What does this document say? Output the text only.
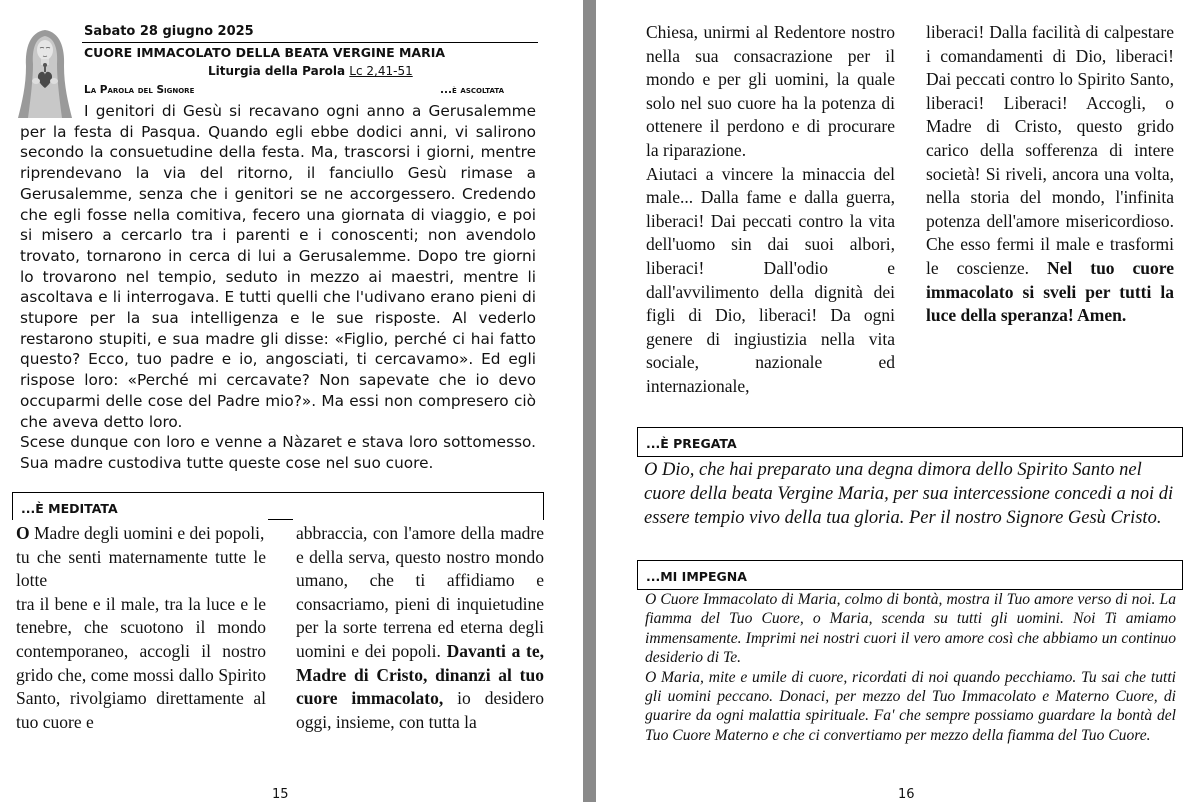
Sabato 28 giugno 2025
CUORE IMMACOLATO DELLA BEATA VERGINE MARIA
Liturgia della Parola Lc 2,41-51
La Parola del Signore	...è ascoltata

I genitori di Gesù si recavano ogni anno a Gerusalemme per la festa di Pasqua. Quando egli ebbe dodici anni, vi salirono secondo la consuetudine della festa. Ma, trascorsi i giorni, mentre riprendevano la via del ritorno, il fanciullo Gesù rimase a Gerusalemme, senza che i genitori se ne accorgessero. Credendo che egli fosse nella comitiva, fecero una giornata di viaggio, e poi si misero a cercarlo tra i parenti e i conoscenti; non avendolo trovato, tornarono in cerca di lui a Gerusalemme. Dopo tre giorni lo trovarono nel tempio, seduto in mezzo ai maestri, mentre li ascoltava e li interrogava. E tutti quelli che l'udivano erano pieni di stupore per la sua intelligenza e le sue risposte. Al vederlo restarono stupiti, e sua madre gli disse: «Figlio, perché ci hai fatto questo? Ecco, tuo padre e io, angosciati, ti cercavamo». Ed egli rispose loro: «Perché mi cercavate? Non sapevate che io devo occuparmi delle cose del Padre mio?». Ma essi non compresero ciò che aveva detto loro.

Scese dunque con loro e venne a Nàzaret e stava loro sottomesso. Sua madre custodiva tutte queste cose nel suo cuore.

...È MEDITATA

O Madre degli uomini e dei popoli,

tu che senti maternamente tutte le lotte

tra il bene e il male, tra la luce e le tenebre, che scuotono il mondo contemporaneo, accogli il nostro grido che, come mossi dallo Spirito Santo, rivolgiamo direttamente al tuo cuore e

abbraccia, con l'amore della madre e della serva, questo nostro mondo umano, che ti affidiamo e consacriamo, pieni di inquietudine per la sorte terrena ed eterna degli uomini e dei popoli. Davanti a te, Madre di Cristo, dinanzi al tuo cuore immacolato, io desidero oggi, insieme, con tutta la

15

Chiesa, unirmi al Redentore nostro nella sua consacrazione per il mondo e per gli uomini, la quale solo nel suo cuore ha la potenza di ottenere il perdono e di procurare la riparazione.

Aiutaci a vincere la minaccia del male... Dalla fame e dalla guerra, liberaci! Dai peccati contro la vita dell'uomo sin dai suoi albori, liberaci! Dall'odio e dall'avvilimento della dignità dei figli di Dio, liberaci! Da ogni genere di ingiustizia nella vita sociale, nazionale ed internazionale,

liberaci! Dalla facilità di calpestare i comandamenti di Dio, liberaci! Dai peccati contro lo Spirito Santo, liberaci! Liberaci! Accogli, o Madre di Cristo, questo grido carico della sofferenza di intere società! Si riveli, ancora una volta, nella storia del mondo, l'infinita potenza dell'amore misericordioso. Che esso fermi il male e trasformi le coscienze. Nel tuo cuore immacolato si sveli per tutti la luce della speranza! Amen.

...È PREGATA
O Dio, che hai preparato una degna dimora dello Spirito Santo nel cuore della beata Vergine Maria, per sua intercessione concedi a noi di essere tempio vivo della tua gloria. Per il nostro Signore Gesù Cristo.
...MI IMPEGNA

O Cuore Immacolato di Maria, colmo di bontà, mostra il Tuo amore verso di noi. La fiamma del Tuo Cuore, o Maria, scenda su tutti gli uomini. Noi Ti amiamo immensamente. Imprimi nei nostri cuori il vero amore così che abbiamo un continuo desiderio di Te.

O Maria, mite e umile di cuore, ricordati di noi quando pecchiamo. Tu sai che tutti gli uomini peccano. Donaci, per mezzo del Tuo Immacolato e Materno Cuore, di guarire da ogni malattia spirituale. Fa' che sempre possiamo guardare la bontà del Tuo Cuore Materno e che ci convertiamo per mezzo della fiamma del Tuo Cuore.

16
